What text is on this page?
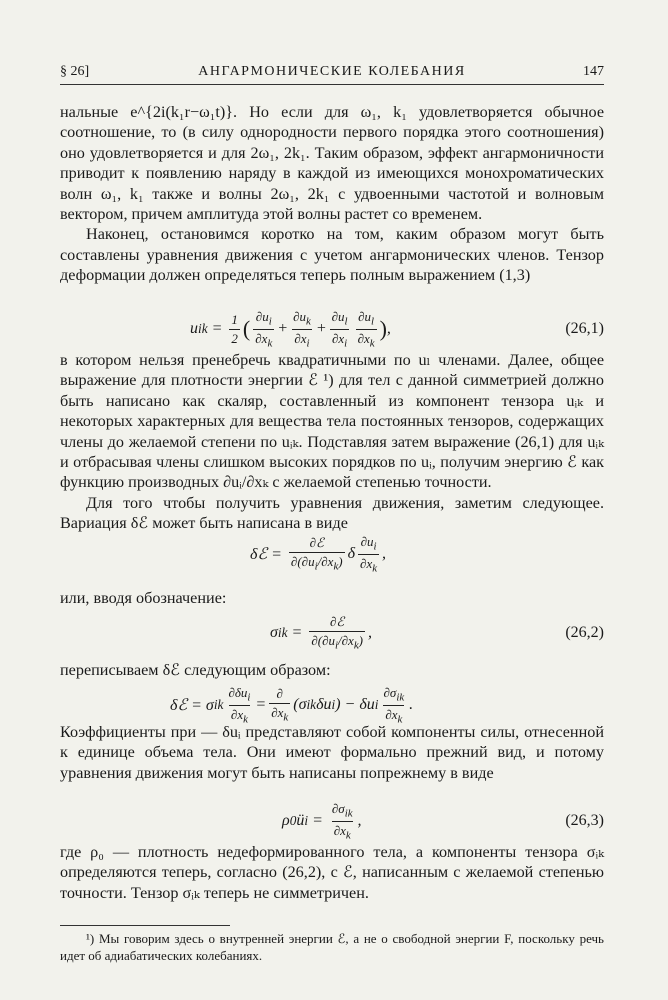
§ 26]	АНГАРМОНИЧЕСКИЕ КОЛЕБАНИЯ	147

нальные e^{2i(k₁r−ω₁t)}. Но если для ω₁, k₁ удовлетворяется обычное соотношение, то (в силу однородности первого порядка этого соотношения) оно удовлетворяется и для 2ω₁, 2k₁. Таким образом, эффект ангармоничности приводит к появлению наряду в каждой из имеющихся монохроматических волн ω₁, k₁ также и волны 2ω₁, 2k₁ с удвоенными частотой и волновым вектором, причем амплитуда этой волны растет со временем.

Наконец, остановимся коротко на том, каким образом могут быть составлены уравнения движения с учетом ангармонических членов. Тензор деформации должен определяться теперь полным выражением (1,3)

u ik = $\frac{1}{2}$ ( $\frac{\partial u_i}{\partial x_k} + \frac{\partial u_k}{\partial x_i} + \frac{\partial u_l}{\partial x_i} \frac{\partial u_l}{\partial x_k}$ ) ,	(26,1)

в котором нельзя пренебречь квадратичными по uₗ членами. Далее, общее выражение для плотности энергии ℰ ¹) для тел с данной симметрией должно быть написано как скаляр, составленный из компонент тензора uᵢₖ и некоторых характерных для вещества тела постоянных тензоров, содержащих члены до желаемой степени по uᵢₖ. Подставляя затем выражение (26,1) для uᵢₖ и отбрасывая члены слишком высоких порядков по uᵢ, получим энергию ℰ как функцию производных ∂uᵢ/∂xₖ с желаемой степенью точности.

Для того чтобы получить уравнения движения, заметим следующее. Вариация δℰ может быть написана в виде

δℰ = $\frac{\text{∂ℰ}}{\partial(\partial u_i/\partial x_k)}$ δ $\frac{\partial u_i}{\partial x_k}$ ,

или, вводя обозначение:

σ ik = $\frac{\text{∂ℰ}}{\partial(\partial u_i/\partial x_k)}$ ,	(26,2)

переписываем δℰ следующим образом:

δℰ = σ ik $\frac{\partial\delta u_i}{\partial x_k} = \frac{\partial}{\partial x_k} (\sigma$ ik δu i ) − δu i $\frac{\partial\sigma_{ik}}{\partial x_k}$ .

Коэффициенты при — δuᵢ представляют собой компоненты силы, отнесенной к единице объема тела. Они имеют формально прежний вид, и потому уравнения движения могут быть написаны попрежнему в виде

ρ 0 ü $i = \frac{\partial\sigma_{ik}}{\partial x_k}$ ,	(26,3)

где ρ₀ — плотность недеформированного тела, а компоненты тензора σᵢₖ определяются теперь, согласно (26,2), с ℰ, написанным с желаемой степенью точности. Тензор σᵢₖ теперь не симметричен.

¹) Мы говорим здесь о внутренней энергии ℰ, а не о свободной энергии F, поскольку речь идет об адиабатических колебаниях.
